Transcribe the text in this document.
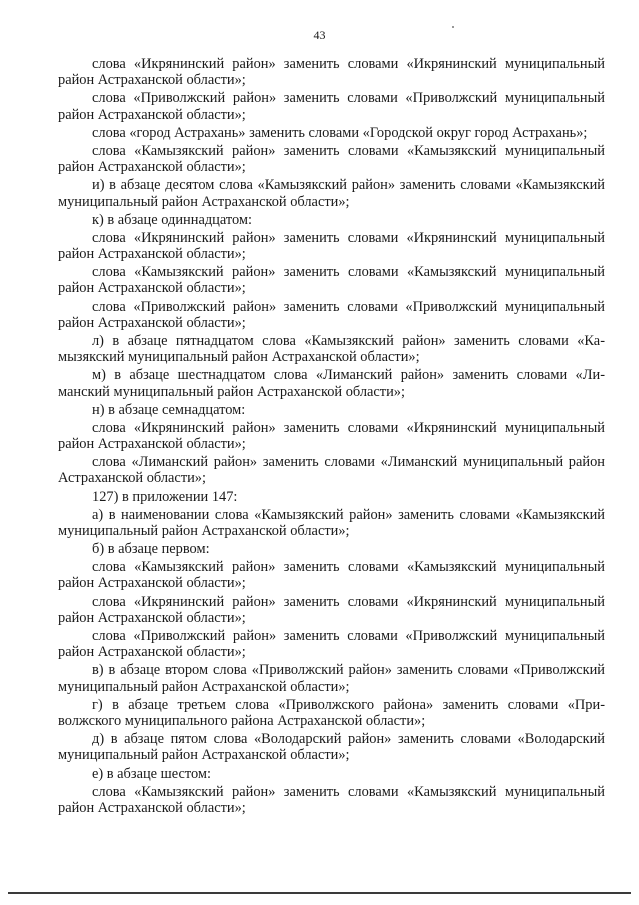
43

слова «Икрянинский район» заменить словами «Икрянинский муниципальный район Астраханской области»;

слова «Приволжский район» заменить словами «Приволжский муниципальный район Астраханской области»;

слова «город Астрахань» заменить словами «Городской округ город Астрахань»;

слова «Камызякский район» заменить словами «Камызякский муниципальный район Астраханской области»;

и) в абзаце десятом слова «Камызякский район» заменить словами «Камызякский муниципальный район Астраханской области»;

к) в абзаце одиннадцатом:

слова «Икрянинский район» заменить словами «Икрянинский муниципальный район Астраханской области»;

слова «Камызякский район» заменить словами «Камызякский муниципальный район Астраханской области»;

слова «Приволжский район» заменить словами «Приволжский муниципальный район Астраханской области»;

л) в абзаце пятнадцатом слова «Камызякский район» заменить словами «Камызякский муниципальный район Астраханской области»;

м) в абзаце шестнадцатом слова «Лиманский район» заменить словами «Лиманский муниципальный район Астраханской области»;

н) в абзаце семнадцатом:

слова «Икрянинский район» заменить словами «Икрянинский муниципальный район Астраханской области»;

слова «Лиманский район» заменить словами «Лиманский муниципальный район Астраханской области»;

127) в приложении 147:

а) в наименовании слова «Камызякский район» заменить словами «Камызякский муниципальный район Астраханской области»;

б) в абзаце первом:

слова «Камызякский район» заменить словами «Камызякский муниципальный район Астраханской области»;

слова «Икрянинский район» заменить словами «Икрянинский муниципальный район Астраханской области»;

слова «Приволжский район» заменить словами «Приволжский муниципальный район Астраханской области»;

в) в абзаце втором слова «Приволжский район» заменить словами «Приволжский муниципальный район Астраханской области»;

г) в абзаце третьем слова «Приволжского района» заменить словами «Приволжского муниципального района Астраханской области»;

д) в абзаце пятом слова «Володарский район» заменить словами «Володарский муниципальный район Астраханской области»;

е) в абзаце шестом:

слова «Камызякский район» заменить словами «Камызякский муниципальный район Астраханской области»;
